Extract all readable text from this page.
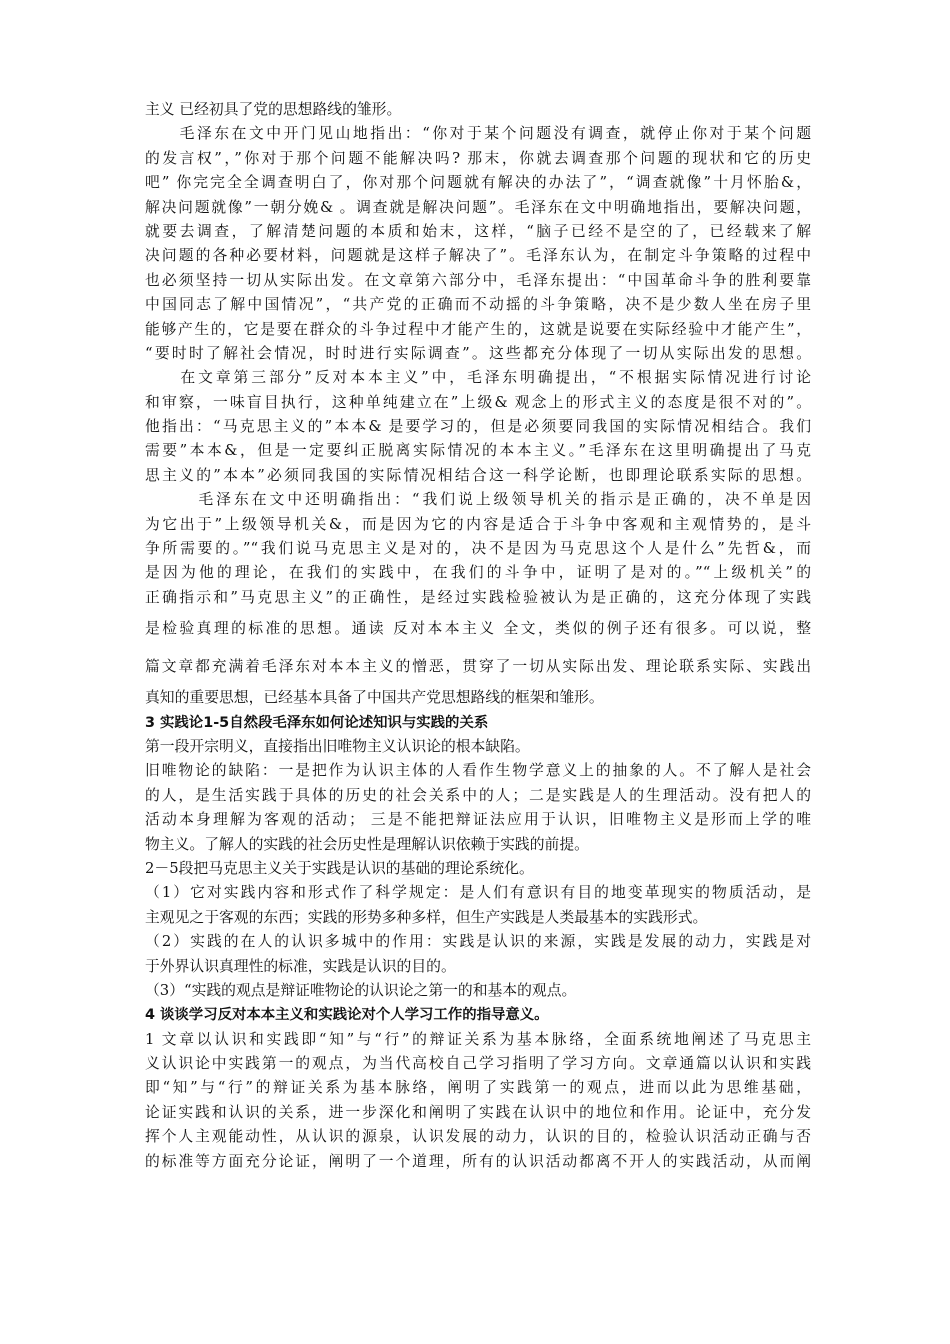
主义 已经初具了党的思想路线的雏形。
　　毛泽东在文中开门见山地指出：“你对于某个问题没有调查，就停止你对于某个问题
的发言权”，”你对于那个问题不能解决吗? 那末，你就去调查那个问题的现状和它的历史
吧” 你完完全全调查明白了，你对那个问题就有解决的办法了”，“调查就像”十月怀胎&，
解决问题就像”一朝分娩& 。调查就是解决问题”。毛泽东在文中明确地指出，要解决问题，
就要去调查，了解清楚问题的本质和始末，这样，“脑子已经不是空的了，已经载来了解
决问题的各种必要材料，问题就是这样子解决了”。毛泽东认为，在制定斗争策略的过程中
也必须坚持一切从实际出发。在文章第六部分中，毛泽东提出：“中国革命斗争的胜利要靠
中国同志了解中国情况”，“共产党的正确而不动摇的斗争策略，决不是少数人坐在房子里
能够产生的，它是要在群众的斗争过程中才能产生的，这就是说要在实际经验中才能产生”，
“要时时了解社会情况，时时进行实际调查”。这些都充分体现了一切从实际出发的思想。
　　在文章第三部分”反对本本主义”中，毛泽东明确提出，“不根据实际情况进行讨论
和审察，一味盲目执行，这种单纯建立在”上级& 观念上的形式主义的态度是很不对的”。
他指出：“马克思主义的”本本& 是要学习的，但是必须要同我国的实际情况相结合。我们
需要”本本&，但是一定要纠正脱离实际情况的本本主义。”毛泽东在这里明确提出了马克
思主义的”本本”必须同我国的实际情况相结合这一科学论断，也即理论联系实际的思想。
　　　毛泽东在文中还明确指出：“我们说上级领导机关的指示是正确的，决不单是因
为它出于”上级领导机关&，而是因为它的内容是适合于斗争中客观和主观情势的，是斗
争所需要的。”“我们说马克思主义是对的，决不是因为马克思这个人是什么”先哲&，而
是因为他的理论，在我们的实践中，在我们的斗争中，证明了是对的。”“上级机关”的
正确指示和”马克思主义”的正确性，是经过实践检验被认为是正确的，这充分体现了实践
是检验真理的标准的思想。通读 反对本本主义 全文，类似的例子还有很多。可以说，整
篇文章都充满着毛泽东对本本主义的憎恶，贯穿了一切从实际出发、理论联系实际、实践出
真知的重要思想，已经基本具备了中国共产党思想路线的框架和雏形。
3 实践论1-5自然段毛泽东如何论述知识与实践的关系
第一段开宗明义，直接指出旧唯物主义认识论的根本缺陷。
旧唯物论的缺陷：一是把作为认识主体的人看作生物学意义上的抽象的人。不了解人是社会
的人，是生活实践于具体的历史的社会关系中的人；二是实践是人的生理活动。没有把人的
活动本身理解为客观的活动； 三是不能把辩证法应用于认识，旧唯物主义是形而上学的唯
物主义。了解人的实践的社会历史性是理解认识依赖于实践的前提。
2－5段把马克思主义关于实践是认识的基础的理论系统化。
（1）它对实践内容和形式作了科学规定：是人们有意识有目的地变革现实的物质活动，是
主观见之于客观的东西；实践的形势多种多样，但生产实践是人类最基本的实践形式。
（2）实践的在人的认识多城中的作用：实践是认识的来源，实践是发展的动力，实践是对
于外界认识真理性的标准，实践是认识的目的。
（3）“实践的观点是辩证唯物论的认识论之第一的和基本的观点。
4 谈谈学习反对本本主义和实践论对个人学习工作的指导意义。
1 文章以认识和实践即“知”与“行”的辩证关系为基本脉络，全面系统地阐述了马克思主
义认识论中实践第一的观点，为当代高校自己学习指明了学习方向。文章通篇以认识和实践
即“知”与“行”的辩证关系为基本脉络，阐明了实践第一的观点，进而以此为思维基础，
论证实践和认识的关系，进一步深化和阐明了实践在认识中的地位和作用。论证中，充分发
挥个人主观能动性，从认识的源泉，认识发展的动力，认识的目的，检验认识活动正确与否
的标准等方面充分论证，阐明了一个道理，所有的认识活动都离不开人的实践活动，从而阐
